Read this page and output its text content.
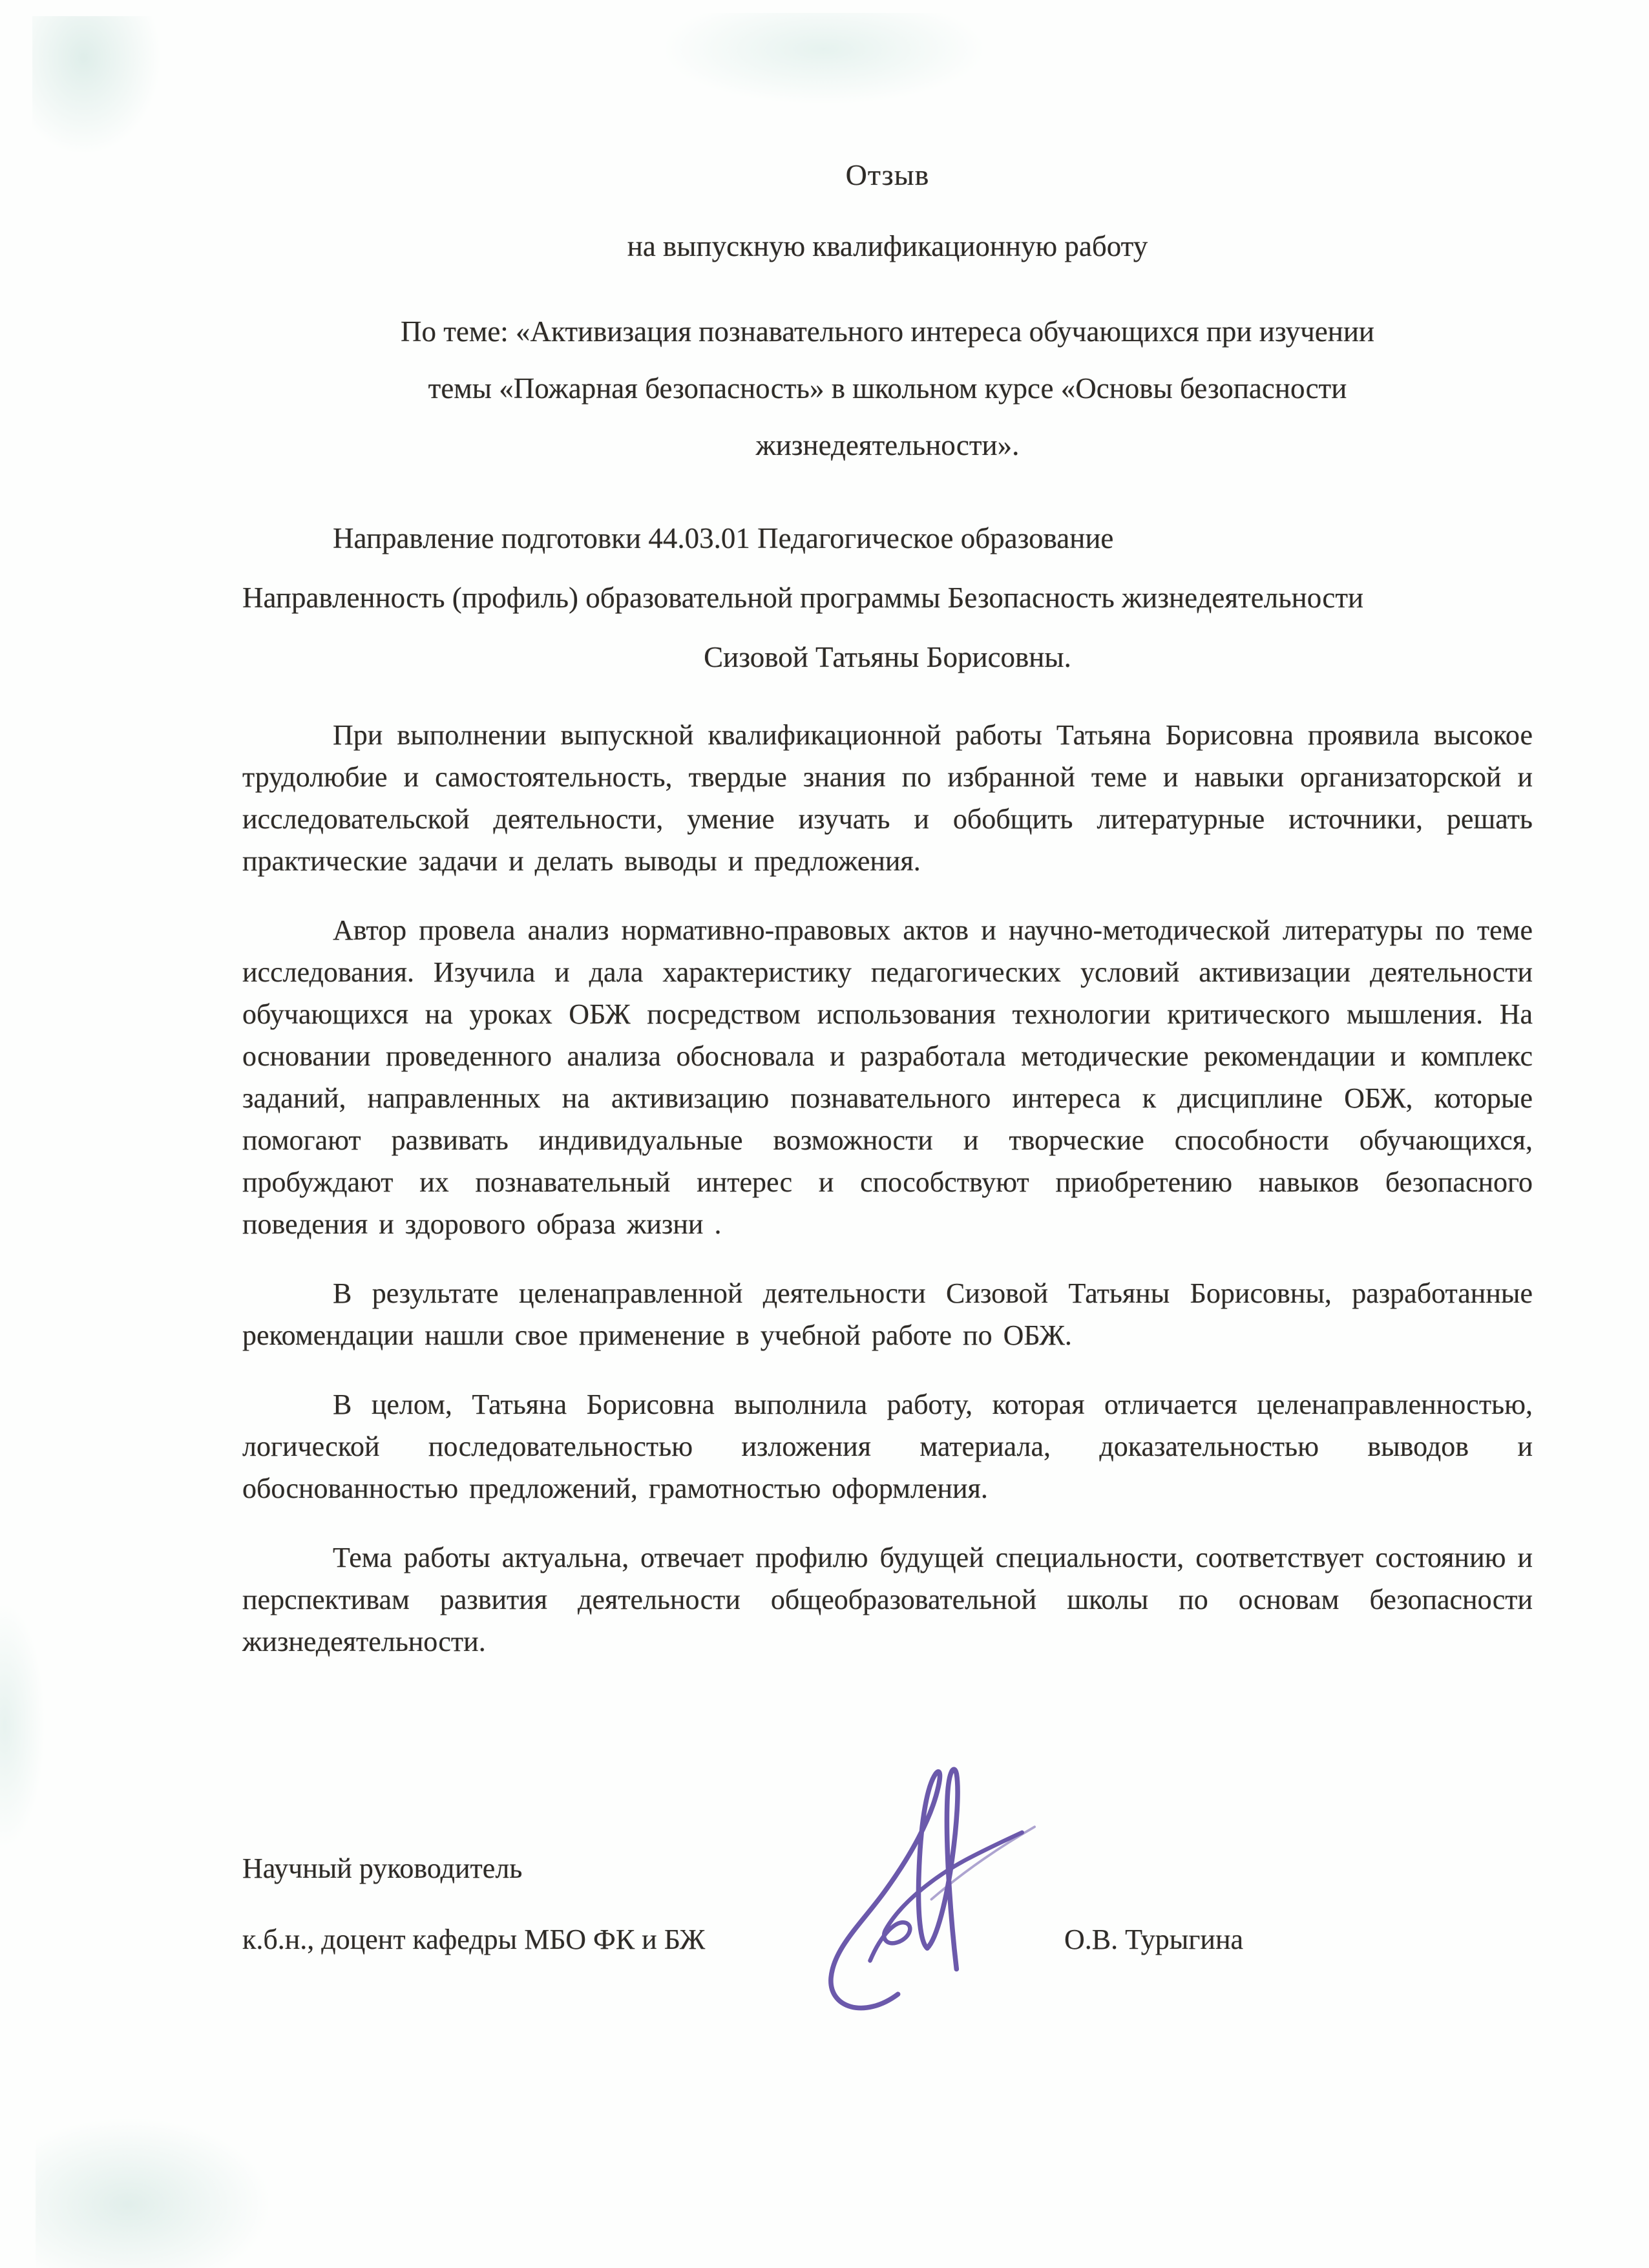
Отзыв
на выпускную квалификационную работу
По теме: «Активизация познавательного интереса обучающихся при изучении
темы «Пожарная безопасность» в школьном курсе «Основы безопасности
жизнедеятельности».
Направление подготовки 44.03.01 Педагогическое образование
Направленность (профиль) образовательной программы Безопасность жизнедеятельности
Сизовой Татьяны Борисовны.

При выполнении выпускной квалификационной работы Татьяна Борисовна проявила высокое трудолюбие и самостоятельность, твердые знания по избранной теме и навыки организаторской и исследовательской деятельности, умение изучать и обобщить литературные источники, решать практические задачи и делать выводы и предложения.

Автор провела анализ нормативно-правовых актов и научно-методической литературы по теме исследования. Изучила и дала характеристику педагогических условий активизации деятельности обучающихся на уроках ОБЖ посредством использования технологии критического мышления. На основании проведенного анализа обосновала и разработала методические рекомендации и комплекс заданий, направленных на активизацию познавательного интереса к дисциплине ОБЖ, которые помогают развивать индивидуальные возможности и творческие способности обучающихся, пробуждают их познавательный интерес и способствуют приобретению навыков безопасного поведения и здорового образа жизни .

В результате целенаправленной деятельности Сизовой Татьяны Борисовны, разработанные рекомендации нашли свое применение в учебной работе по ОБЖ.

В целом, Татьяна Борисовна выполнила работу, которая отличается целенаправленностью, логической последовательностью изложения материала, доказательностью выводов и обоснованностью предложений, грамотностью оформления.

Тема работы актуальна, отвечает профилю будущей специальности, соответствует состоянию и перспективам развития деятельности общеобразовательной школы по основам безопасности жизнедеятельности.

Научный руководитель
к.б.н., доцент кафедры МБО ФК и БЖ	О.В. Турыгина
